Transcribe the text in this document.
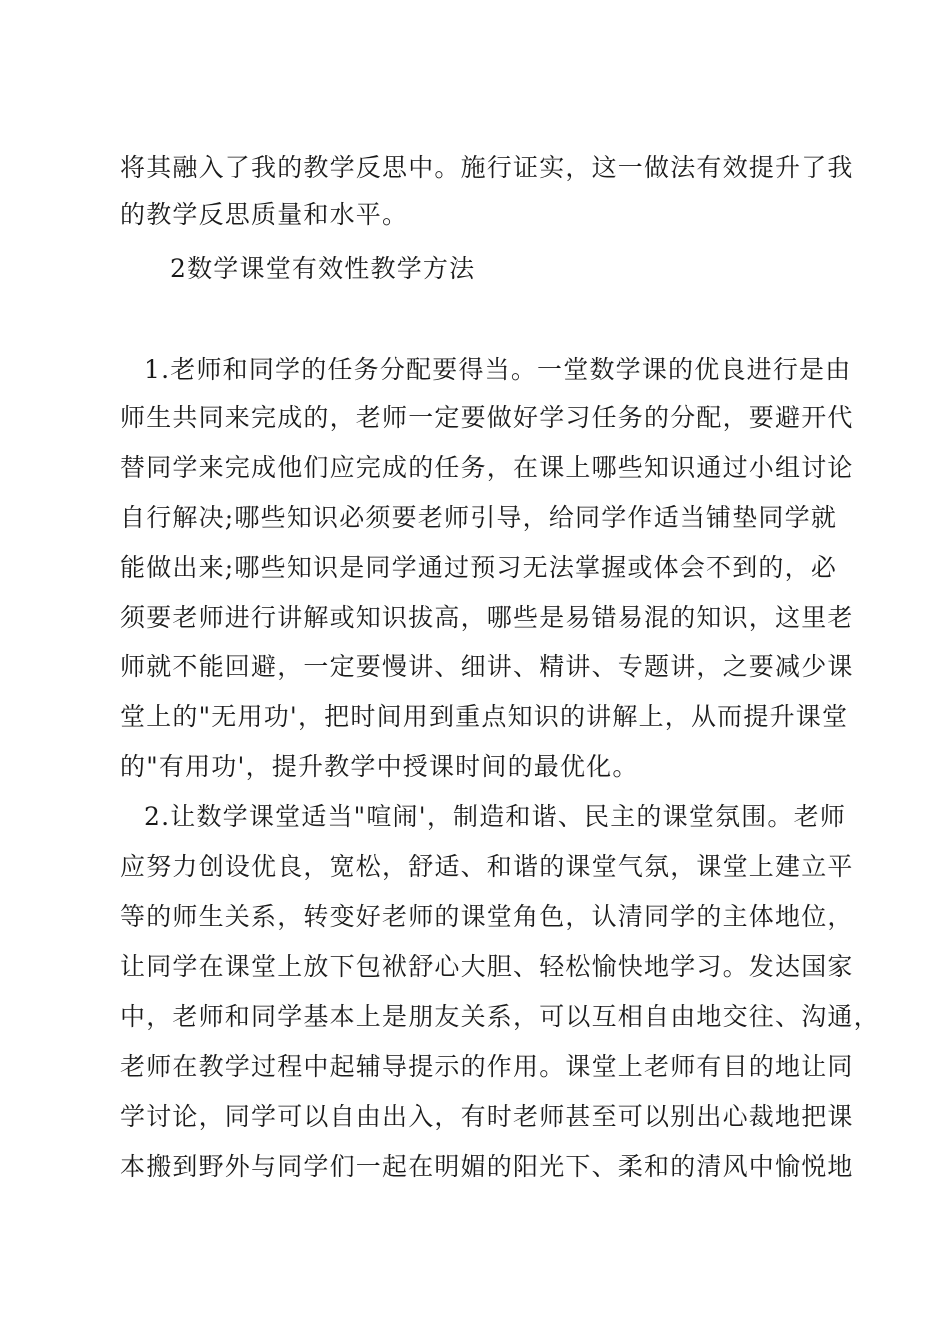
将其融入了我的教学反思中。施行证实，这一做法有效提升了我
的教学反思质量和水平。
2数学课堂有效性教学方法
1.老师和同学的任务分配要得当。一堂数学课的优良进行是由
师生共同来完成的，老师一定要做好学习任务的分配，要避开代
替同学来完成他们应完成的任务，在课上哪些知识通过小组讨论
自行解决;哪些知识必须要老师引导，给同学作适当铺垫同学就
能做出来;哪些知识是同学通过预习无法掌握或体会不到的，必
须要老师进行讲解或知识拔高，哪些是易错易混的知识，这里老
师就不能回避，一定要慢讲、细讲、精讲、专题讲，之要减少课
堂上的"无用功'，把时间用到重点知识的讲解上，从而提升课堂
的"有用功'，提升教学中授课时间的最优化。
2.让数学课堂适当"喧闹'，制造和谐、民主的课堂氛围。老师
应努力创设优良，宽松，舒适、和谐的课堂气氛，课堂上建立平
等的师生关系，转变好老师的课堂角色，认清同学的主体地位，
让同学在课堂上放下包袱舒心大胆、轻松愉快地学习。发达国家
中，老师和同学基本上是朋友关系，可以互相自由地交往、沟通，
老师在教学过程中起辅导提示的作用。课堂上老师有目的地让同
学讨论，同学可以自由出入，有时老师甚至可以别出心裁地把课
本搬到野外与同学们一起在明媚的阳光下、柔和的清风中愉悦地
